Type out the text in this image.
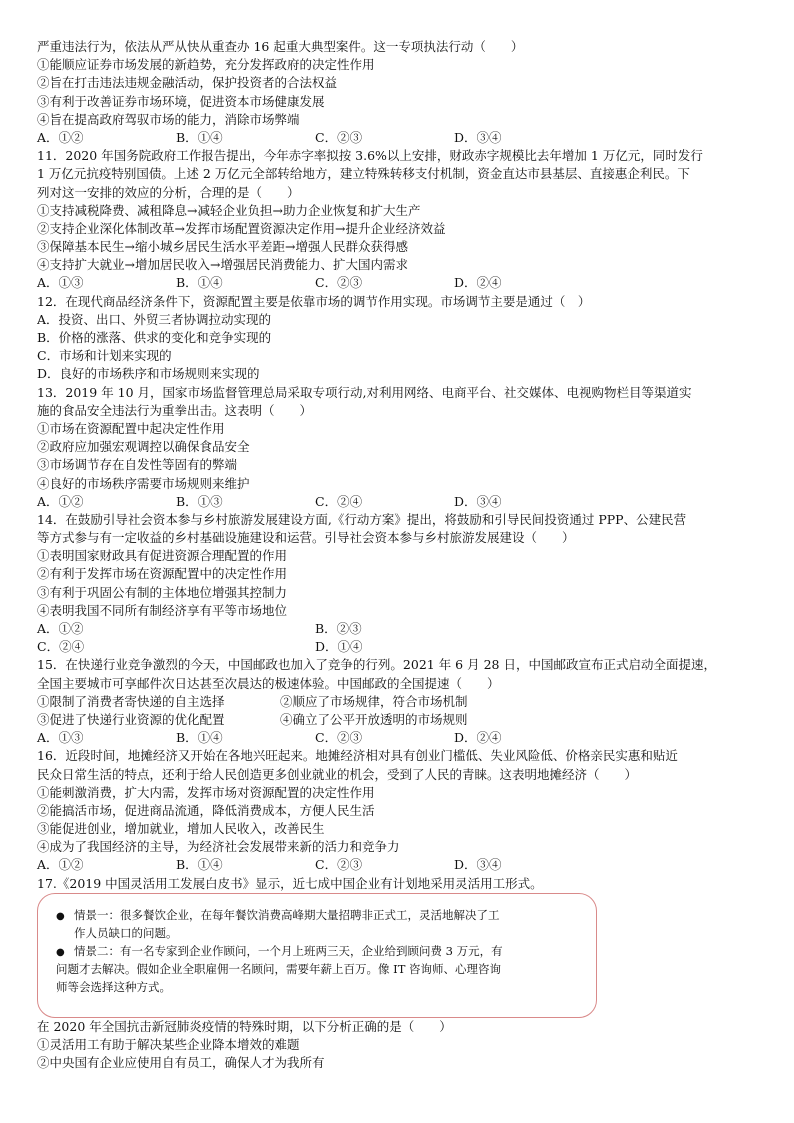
严重违法行为，依法从严从快从重查办 16 起重大典型案件。这一专项执法行动（　　）
①能顺应证券市场发展的新趋势，充分发挥政府的决定性作用
②旨在打击违法违规金融活动，保护投资者的合法权益
③有利于改善证券市场环境，促进资本市场健康发展
④旨在提高政府驾驭市场的能力，消除市场弊端
A．①②	B．①④	C．②③	D．③④
11．2020 年国务院政府工作报告提出，今年赤字率拟按 3.6%以上安排，财政赤字规模比去年增加 1 万亿元，同时发行
1 万亿元抗疫特别国债。上述 2 万亿元全部转给地方，建立特殊转移支付机制，资金直达市县基层、直接惠企利民。下
列对这一安排的效应的分析，合理的是（　　）
①支持减税降费、减租降息→减轻企业负担→助力企业恢复和扩大生产
②支持企业深化体制改革→发挥市场配置资源决定作用→提升企业经济效益
③保障基本民生→缩小城乡居民生活水平差距→增强人民群众获得感
④支持扩大就业→增加居民收入→增强居民消费能力、扩大国内需求
A．①③	B．①④	C．②③	D．②④
12．在现代商品经济条件下，资源配置主要是依靠市场的调节作用实现。市场调节主要是通过（　）
A．投资、出口、外贸三者协调拉动实现的
B．价格的涨落、供求的变化和竞争实现的
C．市场和计划来实现的
D．良好的市场秩序和市场规则来实现的
13．2019 年 10 月，国家市场监督管理总局采取专项行动,对利用网络、电商平台、社交媒体、电视购物栏目等渠道实
施的食品安全违法行为重拳出击。这表明（　　）
①市场在资源配置中起决定性作用
②政府应加强宏观调控以确保食品安全
③市场调节存在自发性等固有的弊端
④良好的市场秩序需要市场规则来维护
A．①②	B．①③	C．②④	D．③④
14．在鼓励引导社会资本参与乡村旅游发展建设方面,《行动方案》提出，将鼓励和引导民间投资通过 PPP、公建民营
等方式参与有一定收益的乡村基础设施建设和运营。引导社会资本参与乡村旅游发展建设（　　）
①表明国家财政具有促进资源合理配置的作用
②有利于发挥市场在资源配置中的决定性作用
③有利于巩固公有制的主体地位增强其控制力
④表明我国不同所有制经济享有平等市场地位
A．①②	B．②③
C．②④	D．①④
15．在快递行业竞争激烈的今天，中国邮政也加入了竞争的行列。2021 年 6 月 28 日，中国邮政宣布正式启动全面提速，
全国主要城市可享邮件次日达甚至次晨达的极速体验。中国邮政的全国提速（　　）
①限制了消费者寄快递的自主选择	②顺应了市场规律，符合市场机制
③促进了快递行业资源的优化配置	④确立了公平开放透明的市场规则
A．①③	B．①④	C．②③	D．②④
16．近段时间，地摊经济又开始在各地兴旺起来。地摊经济相对具有创业门槛低、失业风险低、价格亲民实惠和贴近
民众日常生活的特点，还利于给人民创造更多创业就业的机会，受到了人民的青睐。这表明地摊经济（　　）
①能刺激消费，扩大内需，发挥市场对资源配置的决定性作用
②能搞活市场，促进商品流通，降低消费成本，方便人民生活
③能促进创业，增加就业，增加人民收入，改善民生
④成为了我国经济的主导，为经济社会发展带来新的活力和竞争力
A．①②	B．①④	C．②③	D．③④
17.《2019 中国灵活用工发展白皮书》显示，近七成中国企业有计划地采用灵活用工形式。
● 情景一：很多餐饮企业，在每年餐饮消费高峰期大量招聘非正式工，灵活地解决了工
作人员缺口的问题。
● 情景二：有一名专家到企业作顾问，一个月上班两三天，企业给到顾问费 3 万元，有
问题才去解决。假如企业全职雇佣一名顾问，需要年薪上百万。像 IT 咨询师、心理咨询
师等会选择这种方式。
在 2020 年全国抗击新冠肺炎疫情的特殊时期，以下分析正确的是（　　）
①灵活用工有助于解决某些企业降本增效的难题
②中央国有企业应使用自有员工，确保人才为我所有
